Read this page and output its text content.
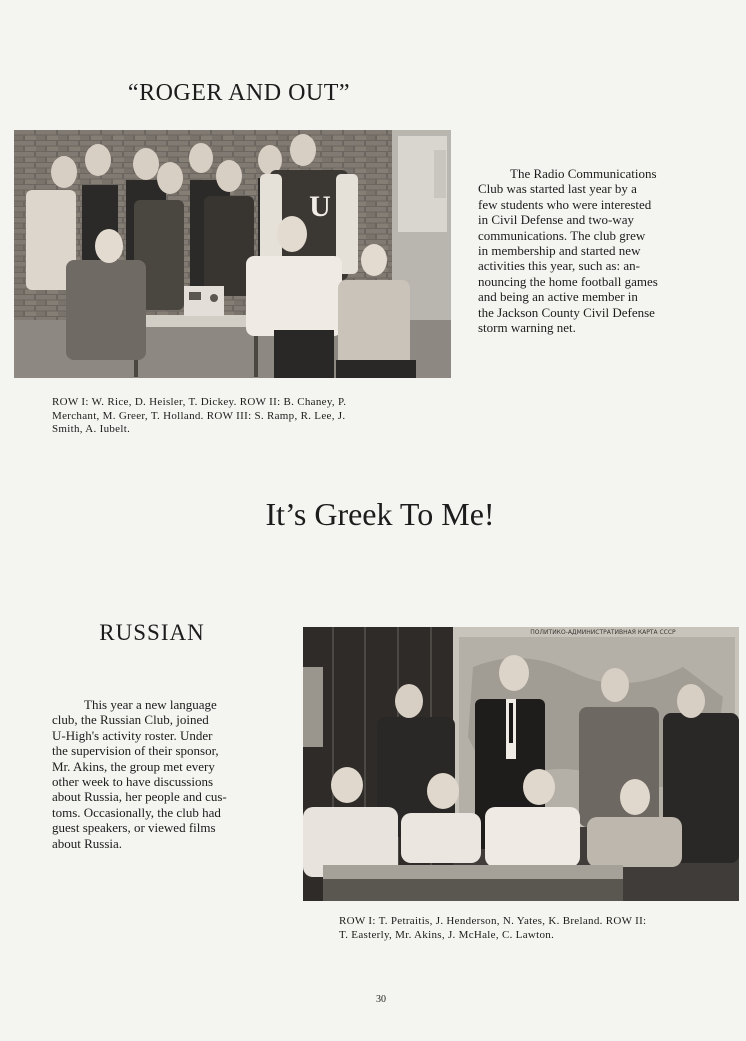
“ROGER AND OUT”
U
The Radio Communications
Club was started last year by a
few students who were interested
in Civil Defense and two-way
communications. The club grew
in membership and started new
activities this year, such as: an-
nouncing the home football games
and being an active member in
the Jackson County Civil Defense
storm warning net.
ROW I: W. Rice, D. Heisler, T. Dickey. ROW II: B. Chaney, P.
Merchant, M. Greer, T. Holland. ROW III: S. Ramp, R. Lee, J.
Smith, A. Iubelt.
It’s Greek To Me!
RUSSIAN
This year a new language
club, the Russian Club, joined
U-High's activity roster. Under
the supervision of their sponsor,
Mr. Akins, the group met every
other week to have discussions
about Russia, her people and cus-
toms. Occasionally, the club had
guest speakers, or viewed films
about Russia.
ПОЛИТИКО-АДМИНИСТРАТИВНАЯ КАРТА СССР
ROW I: T. Petraitis, J. Henderson, N. Yates, K. Breland. ROW II:
T. Easterly, Mr. Akins, J. McHale, C. Lawton.
30
